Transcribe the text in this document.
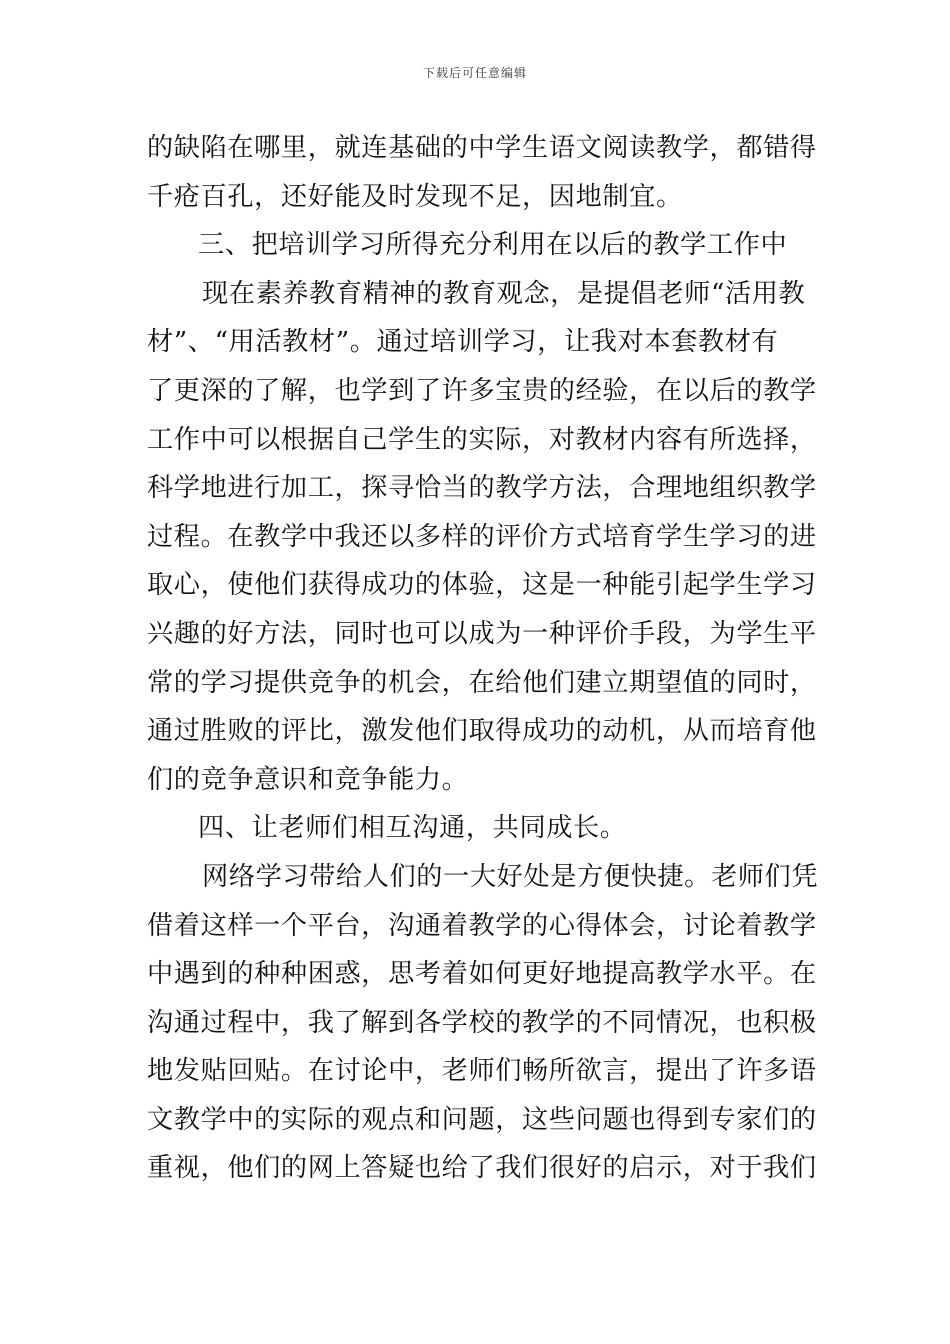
下载后可任意编辑
的缺陷在哪里，就连基础的中学生语文阅读教学，都错得
千疮百孔，还好能及时发现不足，因地制宜。
三、把培训学习所得充分利用在以后的教学工作中
现在素养教育精神的教育观念，是提倡老师“活用教
材”、“用活教材”。通过培训学习，让我对本套教材有
了更深的了解，也学到了许多宝贵的经验，在以后的教学
工作中可以根据自己学生的实际，对教材内容有所选择，
科学地进行加工，探寻恰当的教学方法，合理地组织教学
过程。在教学中我还以多样的评价方式培育学生学习的进
取心，使他们获得成功的体验，这是一种能引起学生学习
兴趣的好方法，同时也可以成为一种评价手段，为学生平
常的学习提供竞争的机会，在给他们建立期望值的同时，
通过胜败的评比，激发他们取得成功的动机，从而培育他
们的竞争意识和竞争能力。
四、让老师们相互沟通，共同成长。
网络学习带给人们的一大好处是方便快捷。老师们凭
借着这样一个平台，沟通着教学的心得体会，讨论着教学
中遇到的种种困惑，思考着如何更好地提高教学水平。在
沟通过程中，我了解到各学校的教学的不同情况，也积极
地发贴回贴。在讨论中，老师们畅所欲言，提出了许多语
文教学中的实际的观点和问题，这些问题也得到专家们的
重视，他们的网上答疑也给了我们很好的启示，对于我们
